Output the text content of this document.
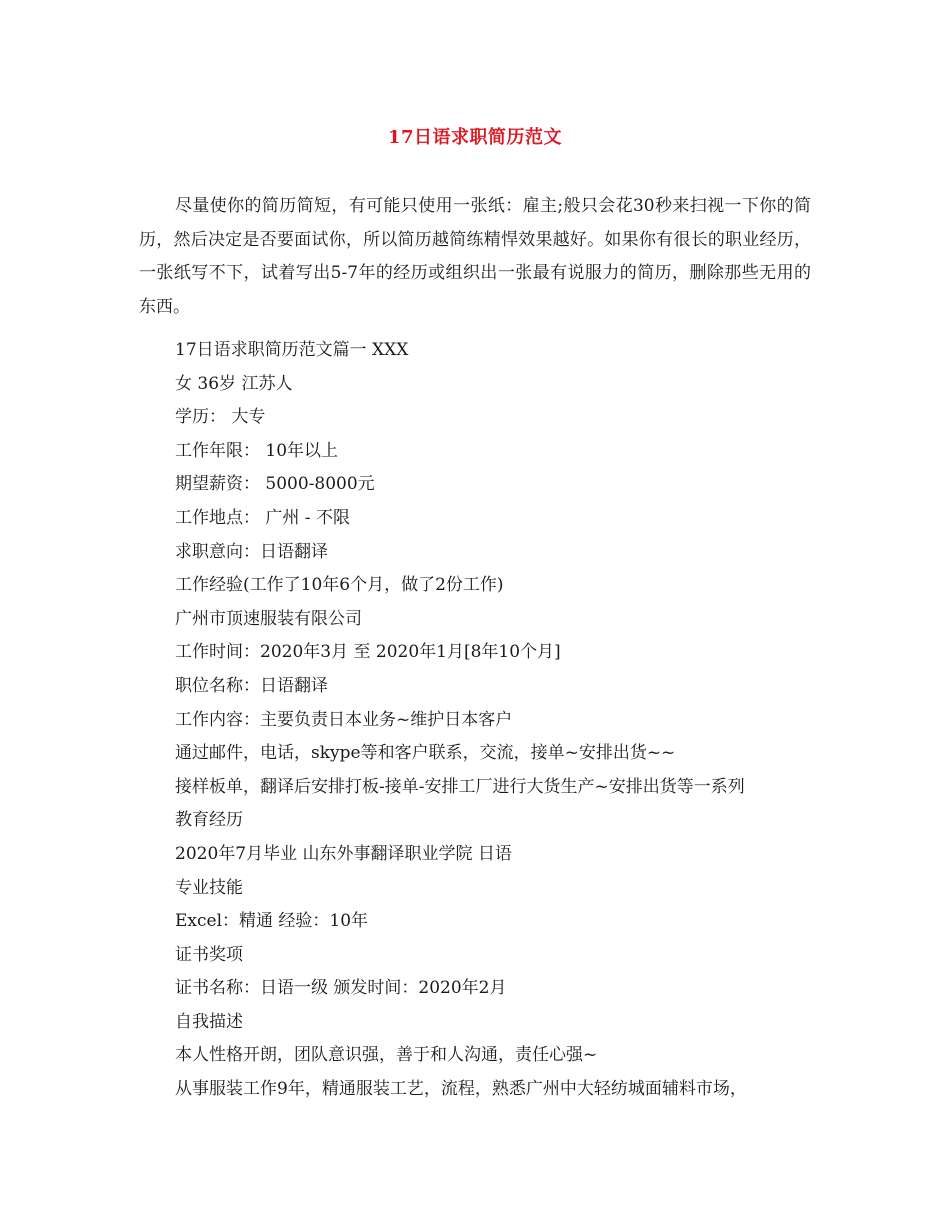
17日语求职简历范文

尽量使你的简历简短，有可能只使用一张纸：雇主;般只会花30秒来扫视一下你的简历，然后决定是否要面试你，所以简历越简练精悍效果越好。如果你有很长的职业经历，一张纸写不下，试着写出5-7年的经历或组织出一张最有说服力的简历，删除那些无用的东西。

17日语求职简历范文篇一 XXX
女 36岁 江苏人
学历： 大专
工作年限： 10年以上
期望薪资： 5000-8000元
工作地点： 广州 - 不限
求职意向：日语翻译
工作经验(工作了10年6个月，做了2份工作)
广州市顶速服装有限公司
工作时间：2020年3月 至 2020年1月[8年10个月]
职位名称：日语翻译
工作内容：主要负责日本业务~维护日本客户
通过邮件，电话，skype等和客户联系，交流，接单~安排出货~~
接样板单，翻译后安排打板-接单-安排工厂进行大货生产~安排出货等一系列
教育经历
2020年7月毕业 山东外事翻译职业学院 日语
专业技能
Excel：精通 经验：10年
证书奖项
证书名称：日语一级 颁发时间：2020年2月
自我描述
本人性格开朗，团队意识强，善于和人沟通，责任心强~
从事服装工作9年，精通服装工艺，流程，熟悉广州中大轻纺城面辅料市场，
